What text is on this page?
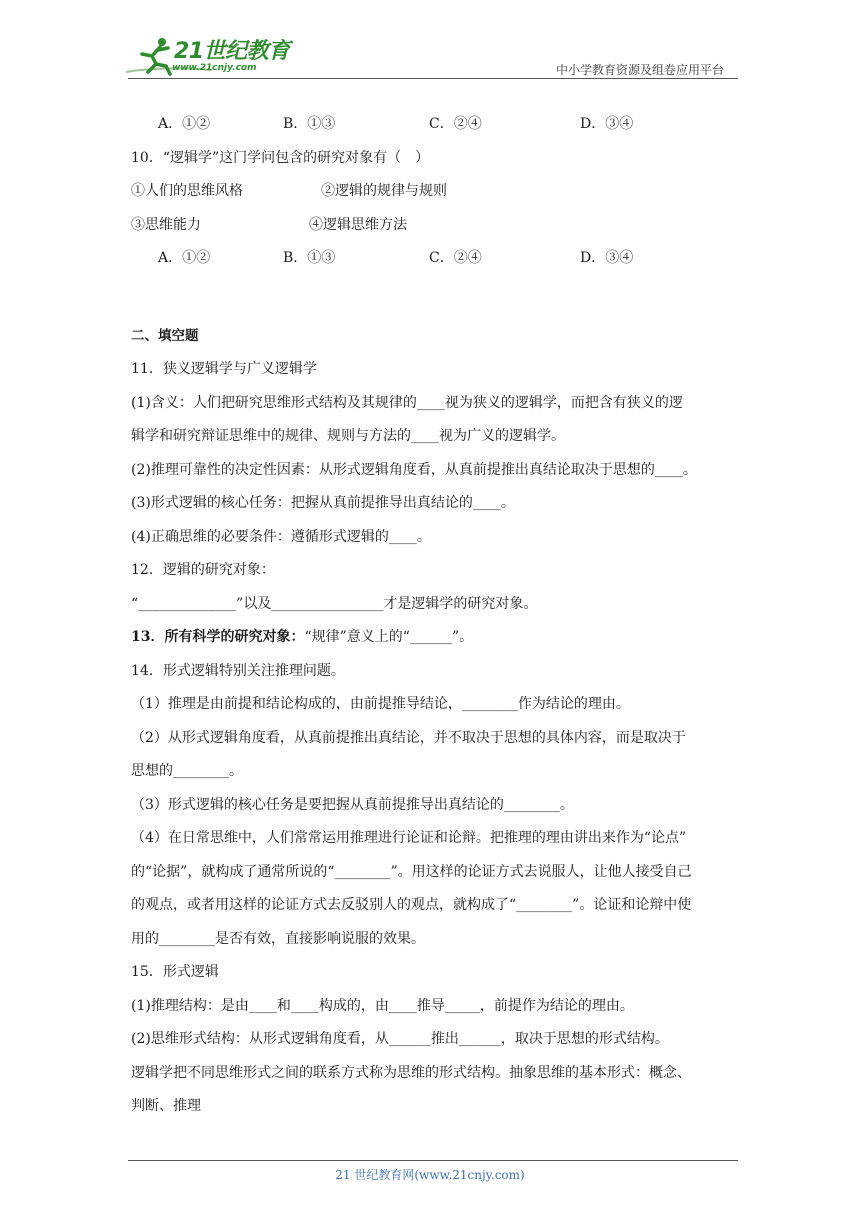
21世纪教育
www.21cnjy.com	中小学教育资源及组卷应用平台
A．①②	B．①③	C．②④	D．③④
10．“逻辑学”这门学问包含的研究对象有（　）
①人们的思维风格	②逻辑的规律与规则
③思维能力	④逻辑思维方法
A．①②	B．①③	C．②④	D．③④
二、填空题
11．狭义逻辑学与广义逻辑学
(1)含义：人们把研究思维形式结构及其规律的____视为狭义的逻辑学，而把含有狭义的逻
辑学和研究辩证思维中的规律、规则与方法的____视为广义的逻辑学。
(2)推理可靠性的决定性因素：从形式逻辑角度看，从真前提推出真结论取决于思想的____。
(3)形式逻辑的核心任务：把握从真前提推导出真结论的____。
(4)正确思维的必要条件：遵循形式逻辑的____。
12．逻辑的研究对象：
“______________”以及________________才是逻辑学的研究对象。
13．所有科学的研究对象：“规律”意义上的“______”。
14．形式逻辑特别关注推理问题。
（1）推理是由前提和结论构成的，由前提推导结论，________作为结论的理由。
（2）从形式逻辑角度看，从真前提推出真结论，并不取决于思想的具体内容，而是取决于
思想的________。
（3）形式逻辑的核心任务是要把握从真前提推导出真结论的________。
（4）在日常思维中，人们常常运用推理进行论证和论辩。把推理的理由讲出来作为“论点”
的“论据”，就构成了通常所说的“________”。用这样的论证方式去说服人，让他人接受自己
的观点，或者用这样的论证方式去反驳别人的观点，就构成了“________”。论证和论辩中使
用的________是否有效，直接影响说服的效果。
15．形式逻辑
(1)推理结构：是由____和____构成的，由____推导_____，前提作为结论的理由。
(2)思维形式结构：从形式逻辑角度看，从______推出______，取决于思想的形式结构。
逻辑学把不同思维形式之间的联系方式称为思维的形式结构。抽象思维的基本形式：概念、
判断、推理
21 世纪教育网(www.21cnjy.com)
